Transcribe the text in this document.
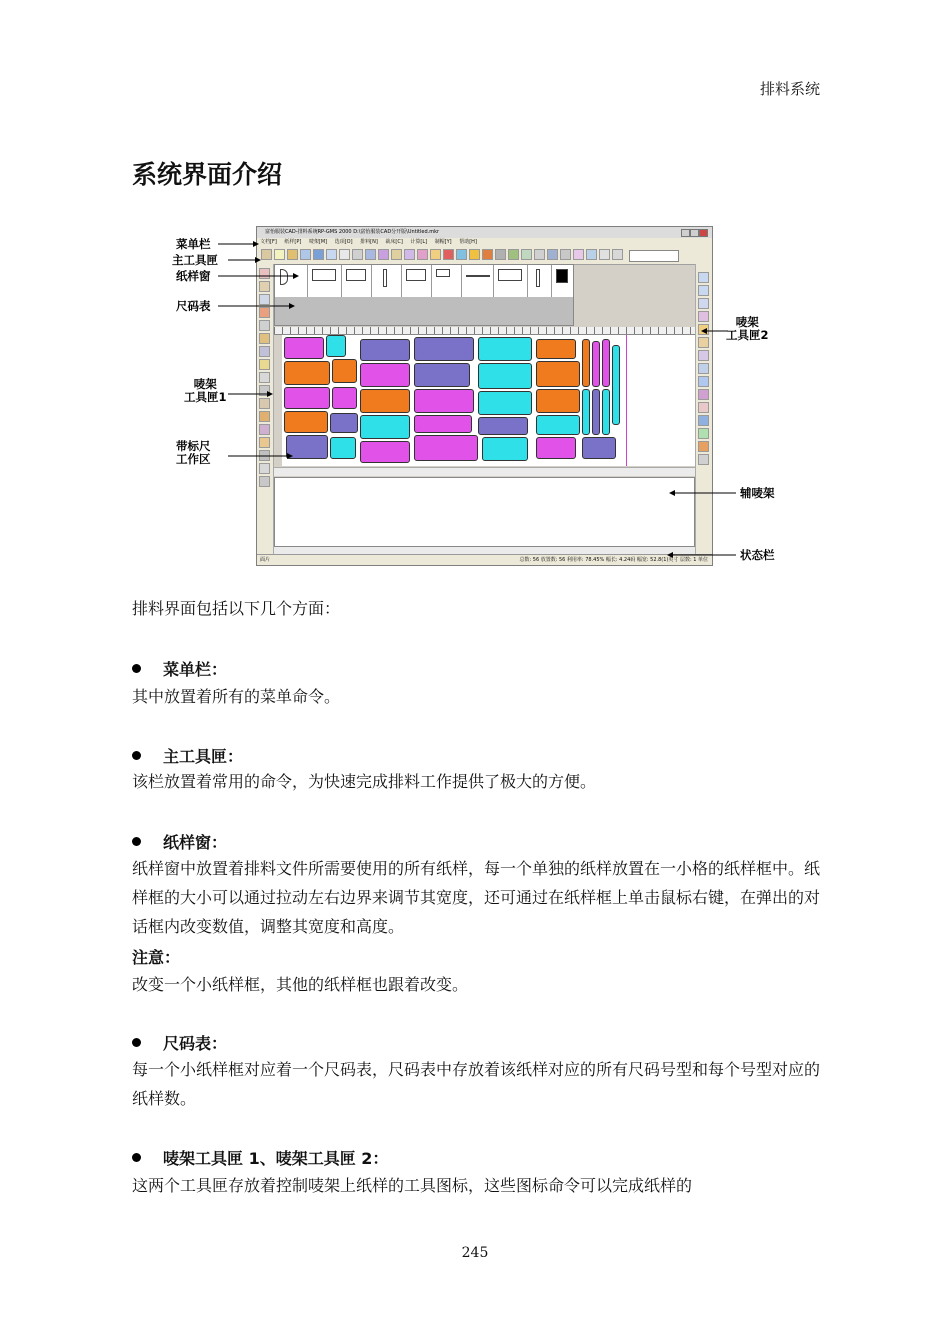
排料系统
系统界面介绍
富怡服装CAD-排料系统RP-GMS 2000 D:\富怡服装CAD分开版\Untitled.mkr
文档[F] 纸样[P] 唛架[M] 选项[O] 排料[N] 裁床[C] 计算[L] 制帽[Y] 帮助[H]
面片	总数: 56 放置数: 56 利用率: 78.45% 幅长: 4.24码 幅宽: 52.8(1)英寸 层数: 1 单位
菜单栏
主工具匣
纸样窗
尺码表
唛架
工具匣1
带标尺
工作区
唛架
工具匣2
辅唛架
状态栏
排料界面包括以下几个方面：
菜单栏：
其中放置着所有的菜单命令。
主工具匣：
该栏放置着常用的命令，为快速完成排料工作提供了极大的方便。
纸样窗：
纸样窗中放置着排料文件所需要使用的所有纸样，每一个单独的纸样放置在一小格的纸样框中。纸样框的大小可以通过拉动左右边界来调节其宽度，还可通过在纸样框上单击鼠标右键，在弹出的对话框内改变数值，调整其宽度和高度。
注意：
改变一个小纸样框，其他的纸样框也跟着改变。
尺码表：
每一个小纸样框对应着一个尺码表，尺码表中存放着该纸样对应的所有尺码号型和每个号型对应的纸样数。
唛架工具匣 1、唛架工具匣 2：
这两个工具匣存放着控制唛架上纸样的工具图标，这些图标命令可以完成纸样的
245
